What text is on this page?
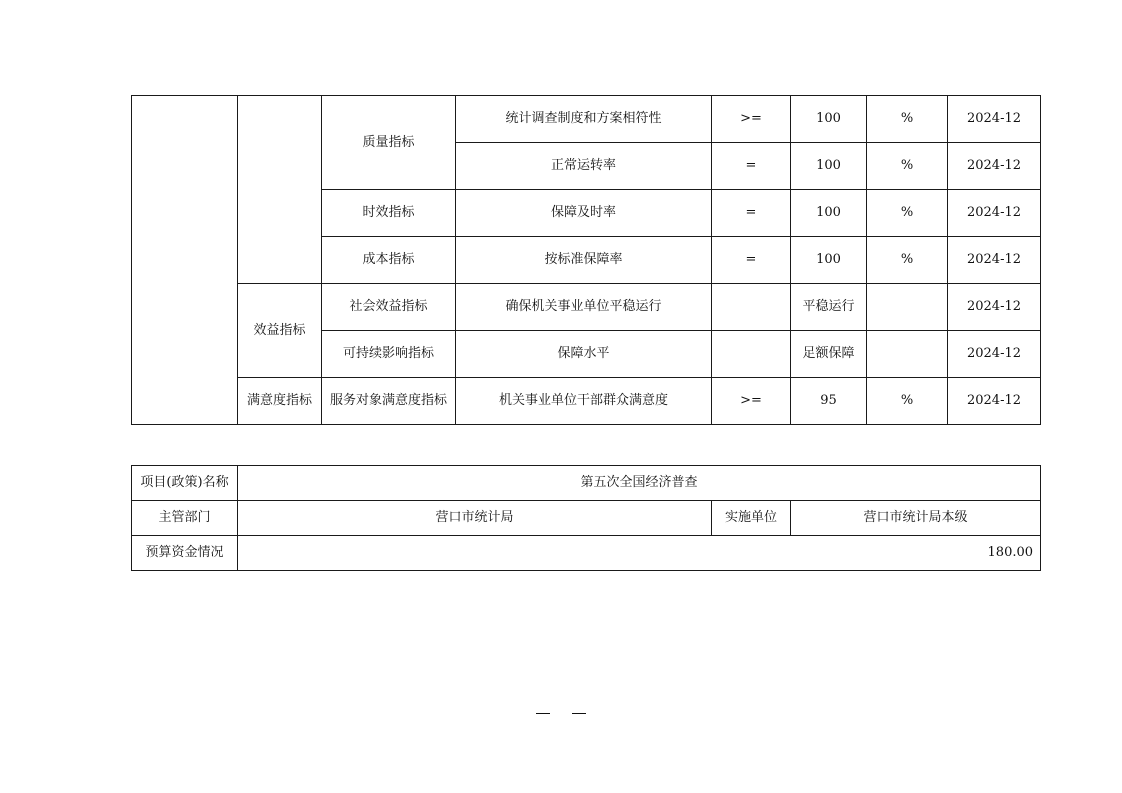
		质量指标	统计调查制度和方案相符性	>=	100	%	2024-12
			正常运转率	=	100	%	2024-12
		时效指标	保障及时率	=	100	%	2024-12
		成本指标	按标准保障率	=	100	%	2024-12
	效益指标	社会效益指标	确保机关事业单位平稳运行		平稳运行		2024-12
		可持续影响指标	保障水平		足额保障		2024-12
	满意度指标	服务对象满意度指标	机关事业单位干部群众满意度	>=	95	%	2024-12
项目(政策)名称	第五次全国经济普查		
主管部门	营口市统计局	实施单位	营口市统计局本级
预算资金情况	180.00		
